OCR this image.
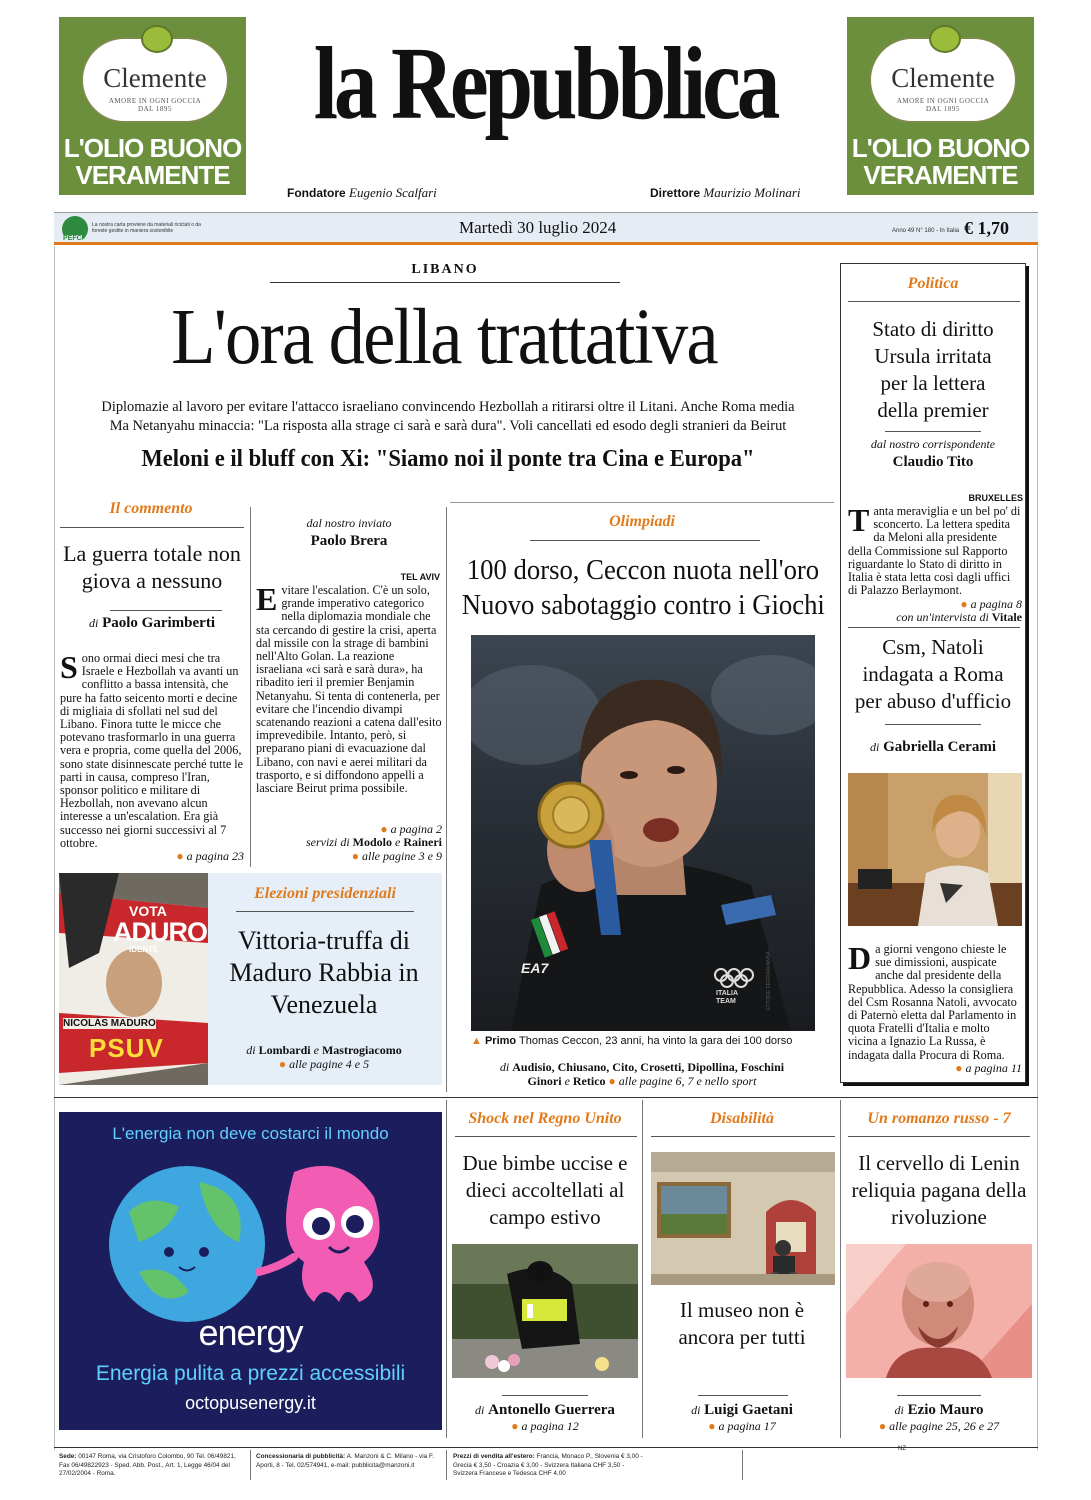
Clemente
AMORE IN OGNI GOCCIA
DAL 1895
L'OLIO BUONO
VERAMENTE
Clemente
AMORE IN OGNI GOCCIA
DAL 1895
L'OLIO BUONO
VERAMENTE
la Repubblica
Fondatore Eugenio Scalfari	Direttore Maurizio Molinari
PEFC
La nostra carta proviene da materiali riciclati o da foreste gestite in maniera sostenibile	Martedì 30 luglio 2024	Anno 49 N° 180 - In Italia € 1,70
LIBANO
L'ora della trattativa
Diplomazie al lavoro per evitare l'attacco israeliano convincendo Hezbollah a ritirarsi oltre il Litani. Anche Roma media
Ma Netanyahu minaccia: "La risposta alla strage ci sarà e sarà dura". Voli cancellati ed esodo degli stranieri da Beirut
Meloni e il bluff con Xi: "Siamo noi il ponte tra Cina e Europa"
Il commento
La guerra totale non giova a nessuno
di Paolo Garimberti
Sono ormai dieci mesi che tra Israele e Hezbollah va avanti un conflitto a bassa intensità, che pure ha fatto seicento morti e decine di migliaia di sfollati nel sud del Libano. Finora tutte le micce che potevano trasformarlo in una guerra vera e propria, come quella del 2006, sono state disinnescate perché tutte le parti in causa, compreso l'Iran, sponsor politico e militare di Hezbollah, non avevano alcun interesse a un'escalation. Era già successo nei giorni successivi al 7 ottobre.
● a pagina 23
dal nostro inviato
Paolo Brera
TEL AVIV
Evitare l'escalation. C'è un solo, grande imperativo categorico nella diplomazia mondiale che sta cercando di gestire la crisi, aperta dal missile con la strage di bambini nell'Alto Golan. La reazione israeliana «ci sarà e sarà dura», ha ribadito ieri il premier Benjamin Netanyahu. Si tenta di contenerla, per evitare che l'incendio divampi scatenando reazioni a catena dall'esito imprevedibile. Intanto, però, si preparano piani di evacuazione dal Libano, con navi e aerei militari da trasporto, e si diffondono appelli a lasciare Beirut prima possibile.
● a pagina 2
servizi di Modolo e Raineri
● alle pagine 3 e 9
Olimpiadi
100 dorso, Ceccon nuota nell'oro
Nuovo sabotaggio contro i Giochi
EA7
ITALIA
TEAM	ETTORE FERRARI/ANSA
▲ Primo Thomas Ceccon, 23 anni, ha vinto la gara dei 100 dorso
di Audisio, Chiusano, Cito, Crosetti, Dipollina, Foschini
Ginori e Retico ● alle pagine 6, 7 e nello sport
Politica
Stato di diritto Ursula irritata per la lettera della premier
dal nostro corrispondente
Claudio Tito
BRUXELLES
Tanta meraviglia e un bel po' di sconcerto. La lettera spedita da Meloni alla presidente della Commissione sul Rapporto riguardante lo Stato di diritto in Italia è stata letta così dagli uffici di Palazzo Berlaymont.
● a pagina 8
con un'intervista di Vitale
Csm, Natoli indagata a Roma per abuso d'ufficio
di Gabriella Cerami
Da giorni vengono chieste le sue dimissioni, auspicate anche dal presidente della Repubblica. Adesso la consigliera del Csm Rosanna Natoli, avvocato di Paternò eletta dal Parlamento in quota Fratelli d'Italia e molto vicina a Ignazio La Russa, è indagata dalla Procura di Roma.
● a pagina 11
VOTA
ADURO
IDENTE
NICOLÁS MADURO
PSUV
Elezioni presidenziali
Vittoria-truffa di Maduro Rabbia in Venezuela
di Lombardi e Mastrogiacomo
● alle pagine 4 e 5
L'energia non deve costarci il mondo
energy
Energia pulita a prezzi accessibili
octopusenergy.it
Shock nel Regno Unito
Due bimbe uccise e dieci accoltellati al campo estivo
di Antonello Guerrera
● a pagina 12
Disabilità
Il museo non è ancora per tutti
di Luigi Gaetani
● a pagina 17
Un romanzo russo - 7
Il cervello di Lenin reliquia pagana della rivoluzione
di Ezio Mauro
● alle pagine 25, 26 e 27
Sede: 00147 Roma, via Cristoforo Colombo, 90 Tel. 06/49821, Fax 06/49822923 - Sped. Abb. Post., Art. 1, Legge 46/04 del 27/02/2004 - Roma.
Concessionaria di pubblicità: A. Manzoni & C. Milano - via F. Aporti, 8 - Tel. 02/574941, e-mail: pubblicita@manzoni.it
Prezzi di vendita all'estero: Francia, Monaco P., Slovenia € 3,00 - Grecia € 3,50 - Croazia € 3,00 - Svizzera Italiana CHF 3,50 - Svizzera Francese e Tedesca CHF 4,00
NZ
